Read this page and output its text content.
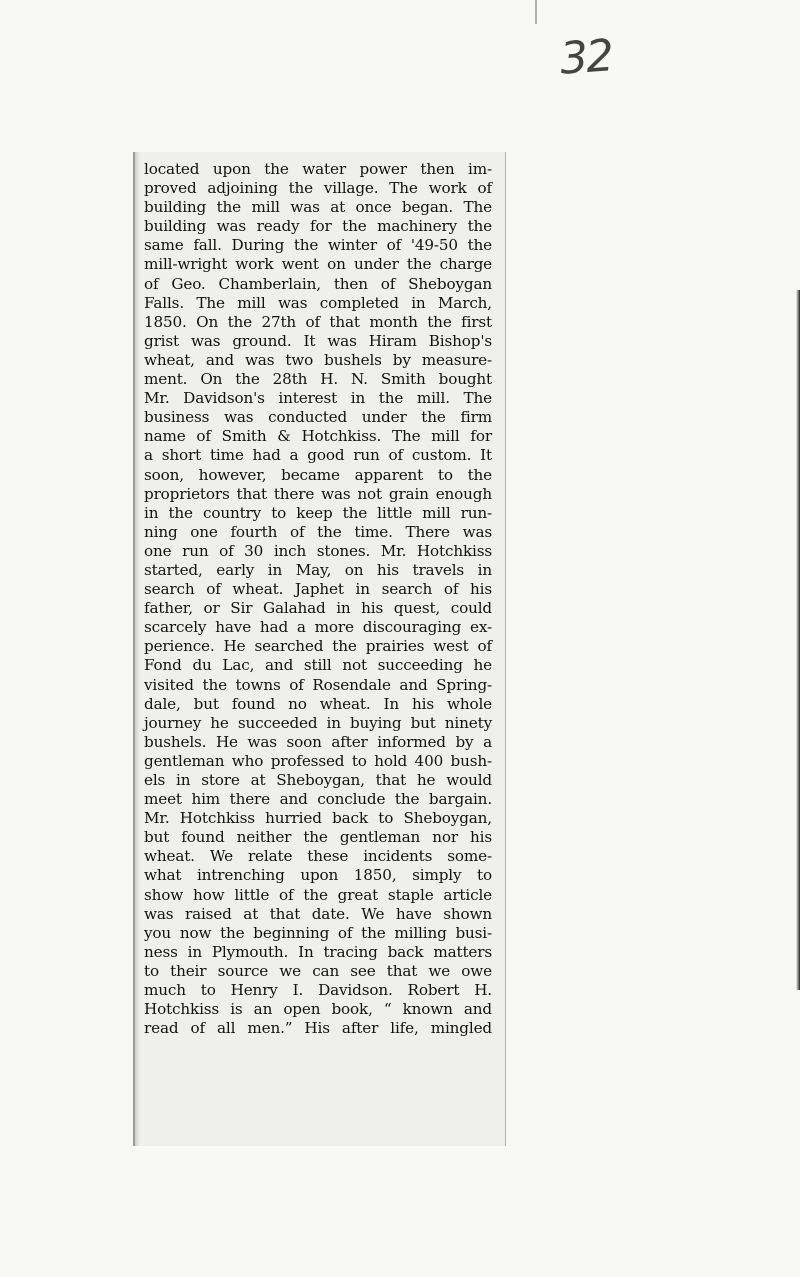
32
located upon the water power then im-
proved adjoining the village. The work of
building the mill was at once began. The
building was ready for the machinery the
same fall. During the winter of '49-50 the
mill-wright work went on under the charge
of Geo. Chamberlain, then of Sheboygan
Falls. The mill was completed in March,
1850. On the 27th of that month the first
grist was ground. It was Hiram Bishop's
wheat, and was two bushels by measure-
ment. On the 28th H. N. Smith bought
Mr. Davidson's interest in the mill. The
business was conducted under the firm
name of Smith & Hotchkiss. The mill for
a short time had a good run of custom. It
soon, however, became apparent to the
proprietors that there was not grain enough
in the country to keep the little mill run-
ning one fourth of the time. There was
one run of 30 inch stones. Mr. Hotchkiss
started, early in May, on his travels in
search of wheat. Japhet in search of his
father, or Sir Galahad in his quest, could
scarcely have had a more discouraging ex-
perience. He searched the prairies west of
Fond du Lac, and still not succeeding he
visited the towns of Rosendale and Spring-
dale, but found no wheat. In his whole
journey he succeeded in buying but ninety
bushels. He was soon after informed by a
gentleman who professed to hold 400 bush-
els in store at Sheboygan, that he would
meet him there and conclude the bargain.
Mr. Hotchkiss hurried back to Sheboygan,
but found neither the gentleman nor his
wheat. We relate these incidents some-
what intrenching upon 1850, simply to
show how little of the great staple article
was raised at that date. We have shown
you now the beginning of the milling busi-
ness in Plymouth. In tracing back matters
to their source we can see that we owe
much to Henry I. Davidson. Robert H.
Hotchkiss is an open book, “ known and
read of all men.” His after life, mingled
